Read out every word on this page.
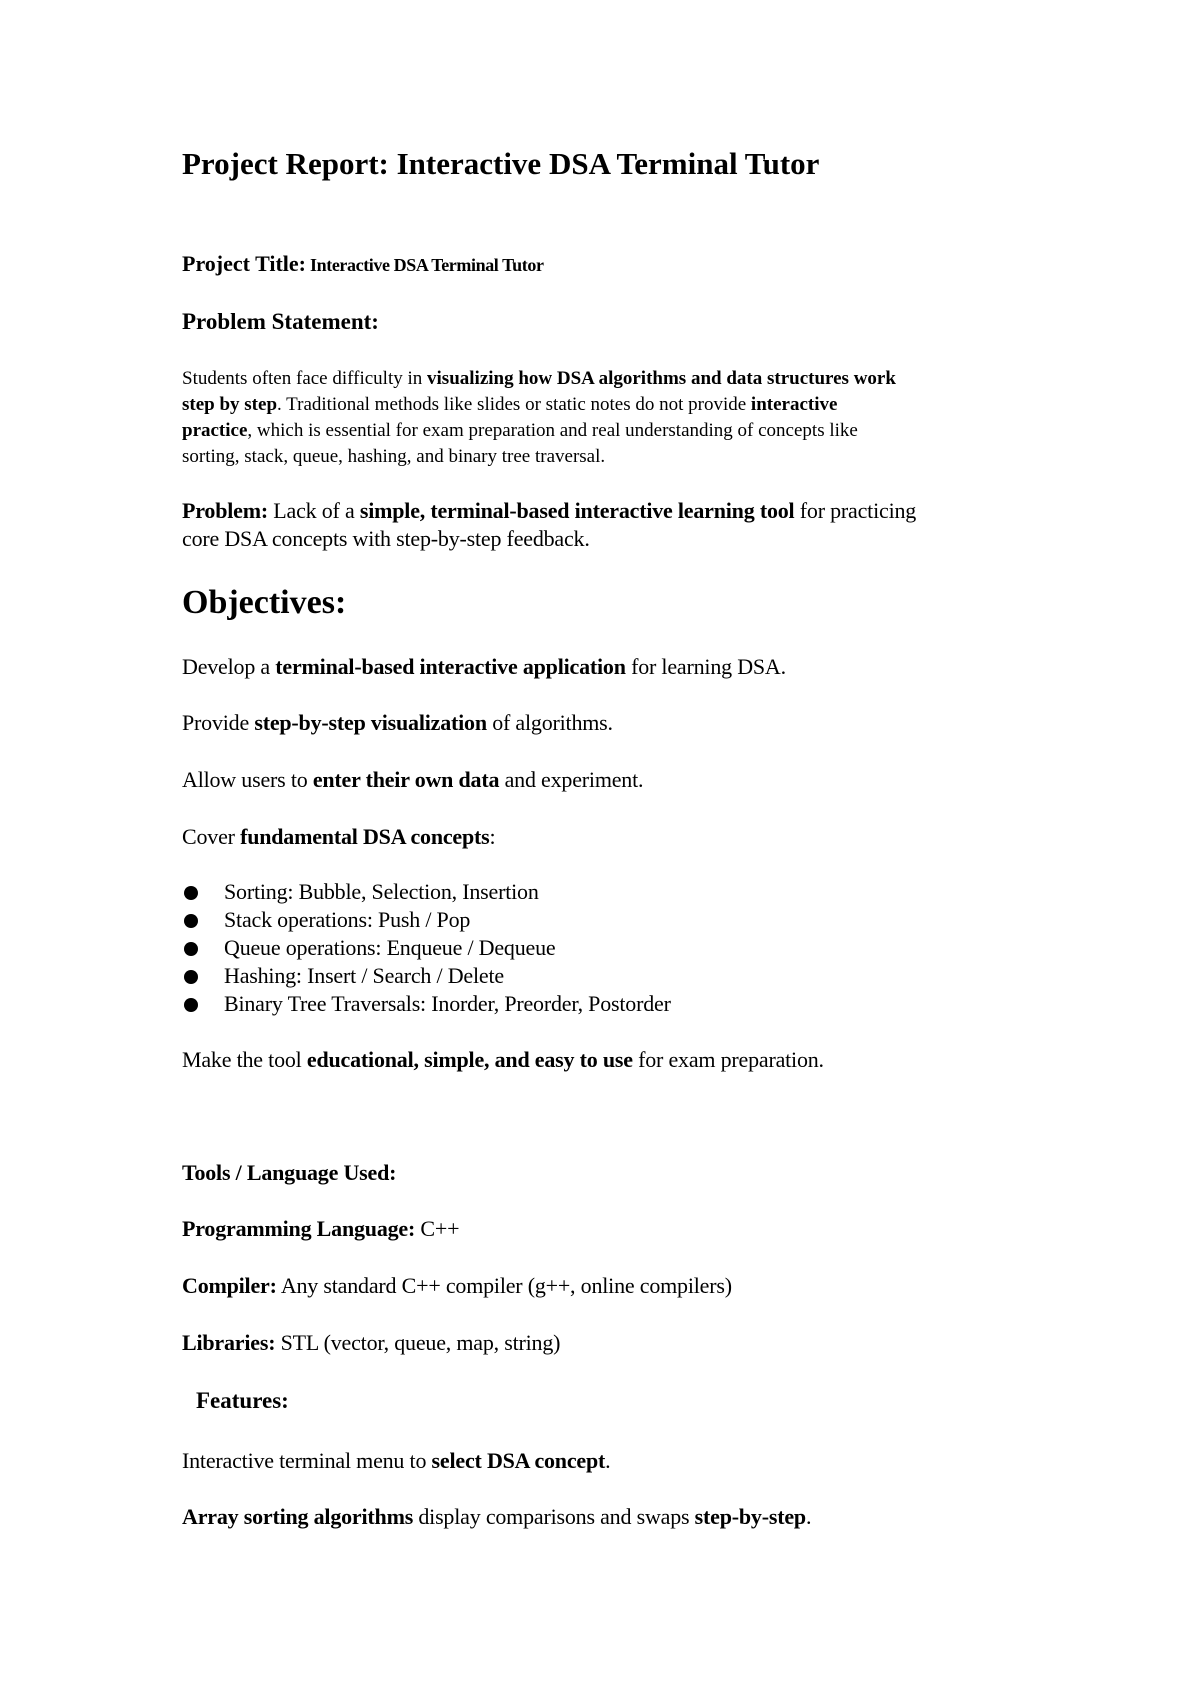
Project Report: Interactive DSA Terminal Tutor
Project Title: Interactive DSA Terminal Tutor
Problem Statement:
Students often face difficulty in visualizing how DSA algorithms and data structures work
step by step. Traditional methods like slides or static notes do not provide interactive
practice, which is essential for exam preparation and real understanding of concepts like
sorting, stack, queue, hashing, and binary tree traversal.
Problem: Lack of a simple, terminal-based interactive learning tool for practicing
core DSA concepts with step-by-step feedback.
Objectives:
Develop a terminal-based interactive application for learning DSA.
Provide step-by-step visualization of algorithms.
Allow users to enter their own data and experiment.
Cover fundamental DSA concepts:
Sorting: Bubble, Selection, Insertion
Stack operations: Push / Pop
Queue operations: Enqueue / Dequeue
Hashing: Insert / Search / Delete
Binary Tree Traversals: Inorder, Preorder, Postorder
Make the tool educational, simple, and easy to use for exam preparation.
Tools / Language Used:
Programming Language: C++
Compiler: Any standard C++ compiler (g++, online compilers)
Libraries: STL (vector, queue, map, string)
Features:
Interactive terminal menu to select DSA concept.
Array sorting algorithms display comparisons and swaps step-by-step.
